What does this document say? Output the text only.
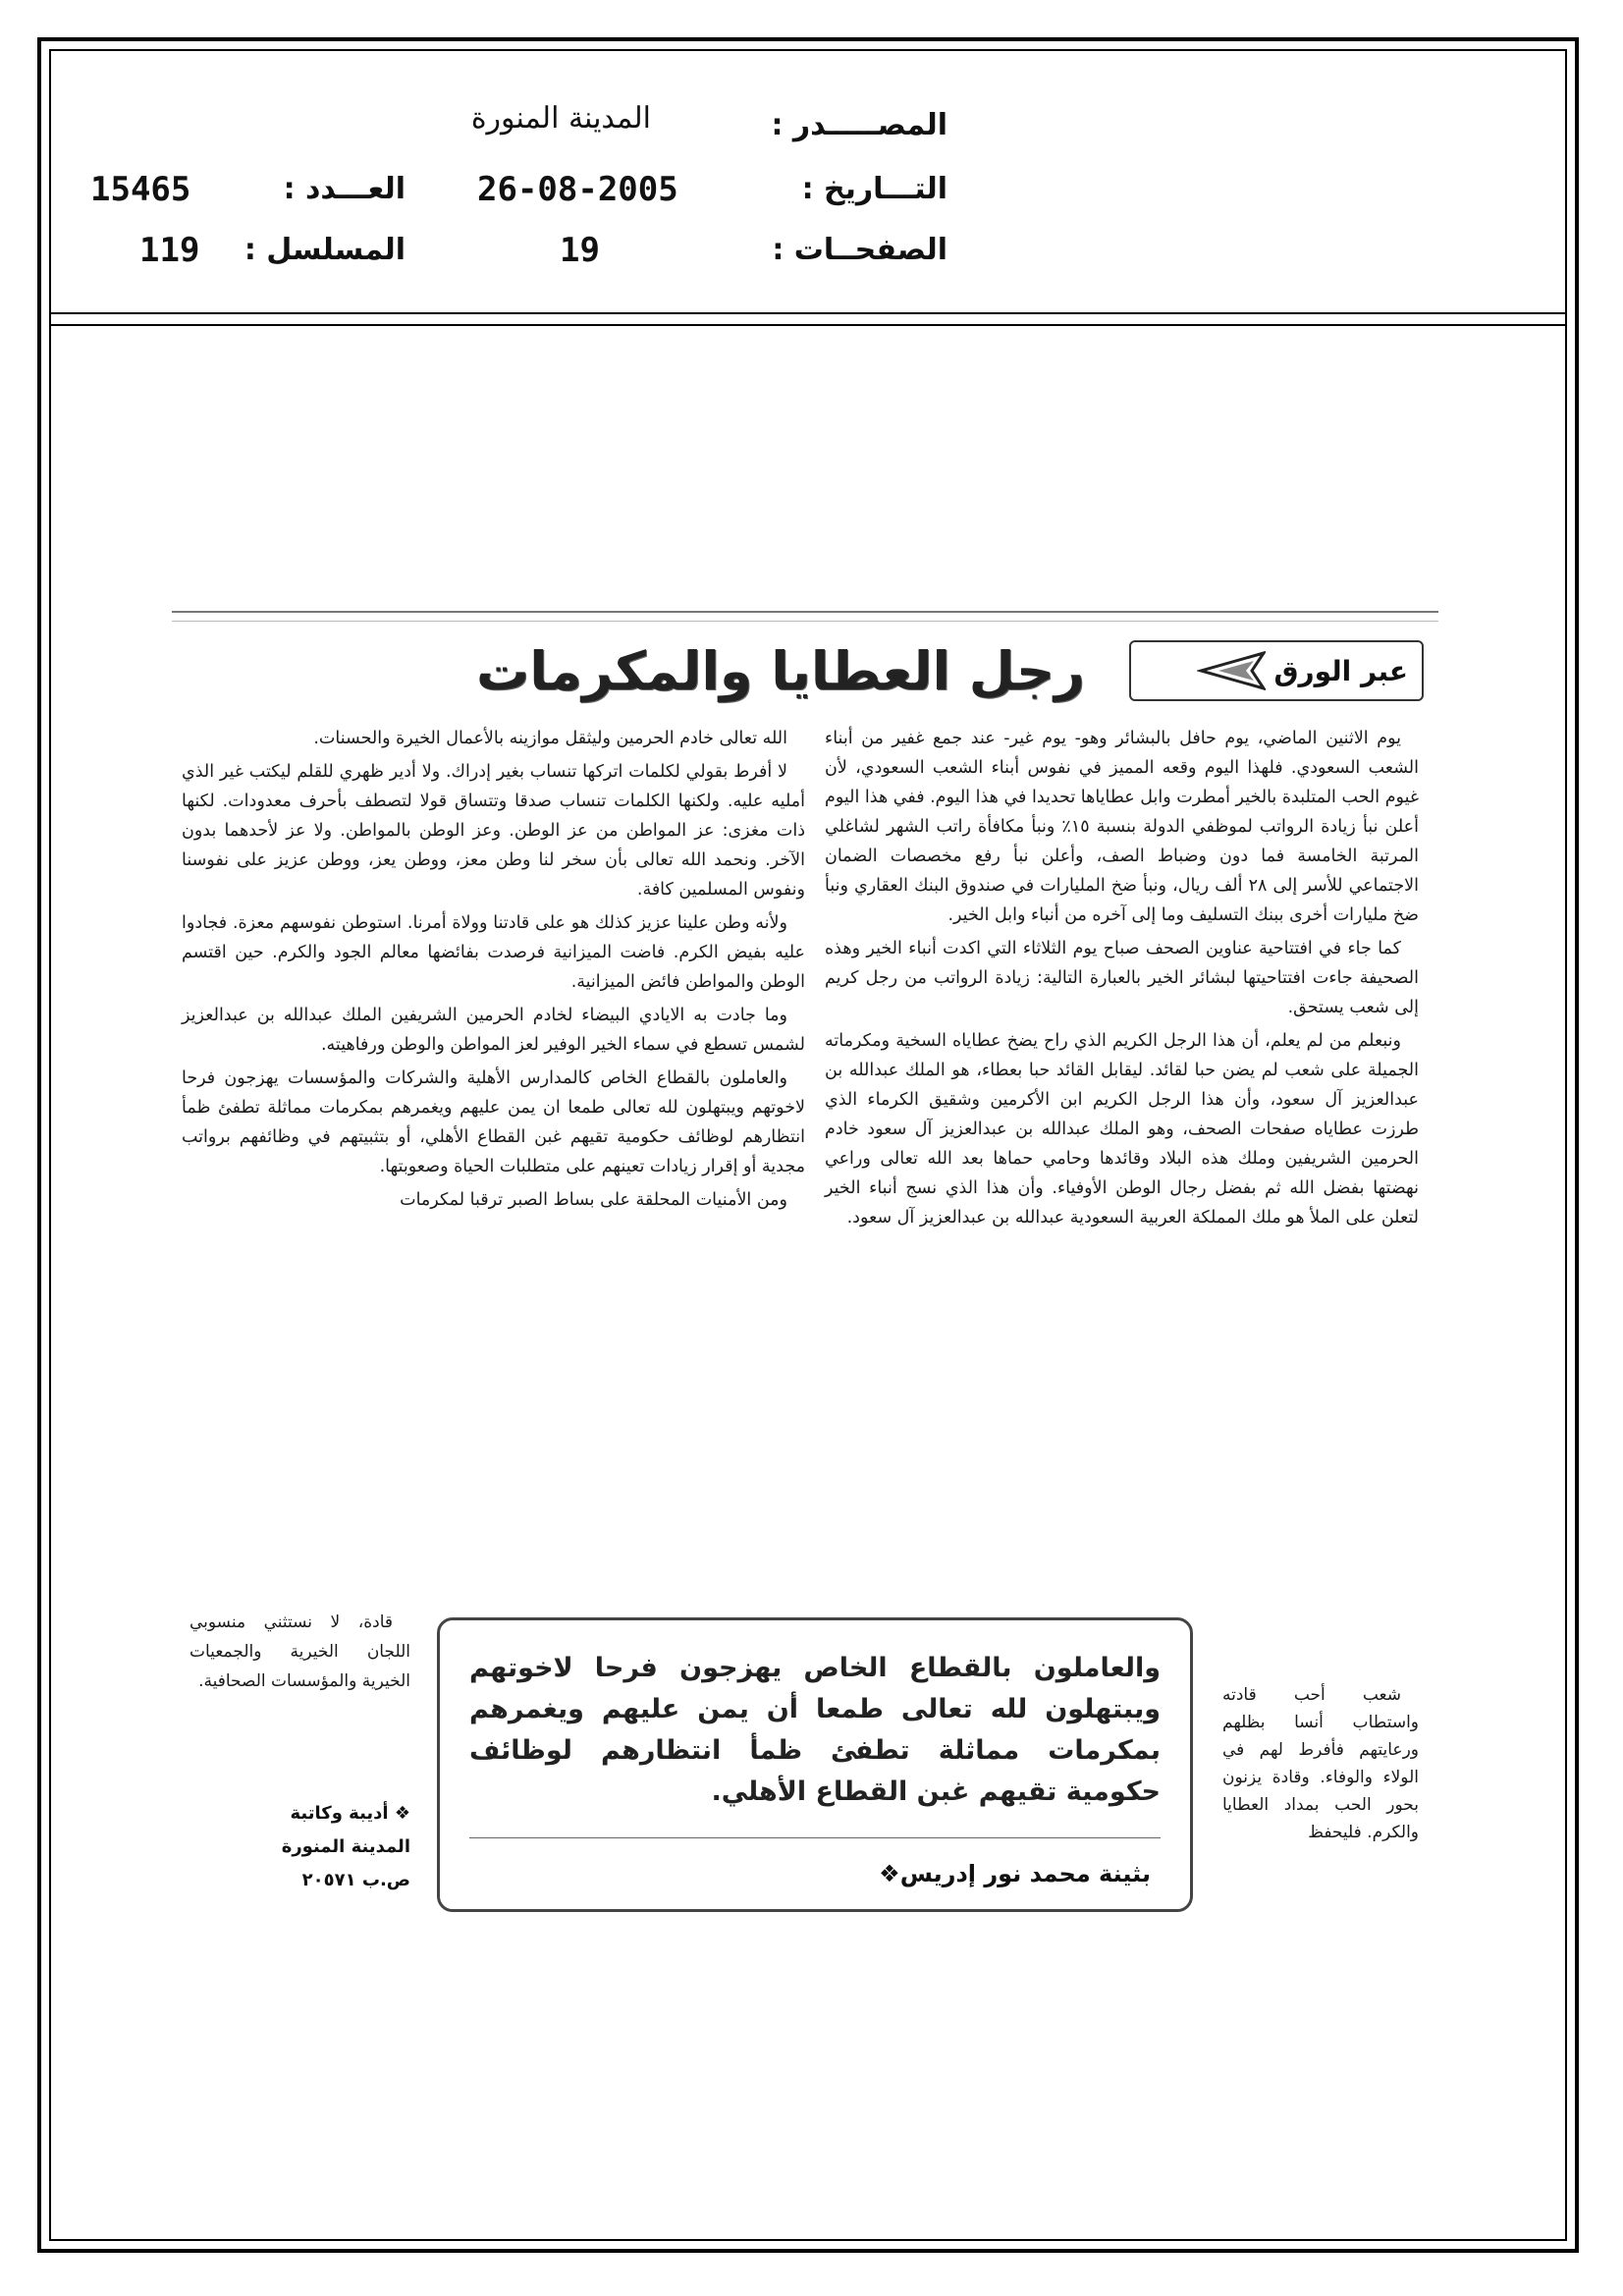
المصـــــدر :
المدينة المنورة
التـــاريخ :
26-08-2005
العـــدد :
15465
الصفحــات :
19
المسلسل :
119
عبر الورق
رجل العطايا والمكرمات

يوم الاثنين الماضي، يوم حافل بالبشائر وهو- يوم غير- عند جمع غفير من أبناء الشعب السعودي. فلهذا اليوم وقعه المميز في نفوس أبناء الشعب السعودي، لأن غيوم الحب المتلبدة بالخير أمطرت وابل عطاياها تحديدا في هذا اليوم. ففي هذا اليوم أعلن نبأ زيادة الرواتب لموظفي الدولة بنسبة ١٥٪ ونبأ مكافأة راتب الشهر لشاغلي المرتبة الخامسة فما دون وضباط الصف، وأعلن نبأ رفع مخصصات الضمان الاجتماعي للأسر إلى ٢٨ ألف ريال، ونبأ ضخ المليارات في صندوق البنك العقاري ونبأ ضخ مليارات أخرى ببنك التسليف وما إلى آخره من أنباء وابل الخير.

كما جاء في افتتاحية عناوين الصحف صباح يوم الثلاثاء التي اكدت أنباء الخير وهذه الصحيفة جاءت افتتاحيتها لبشائر الخير بالعبارة التالية: زيادة الرواتب من رجل كريم إلى شعب يستحق.

ونبعلم من لم يعلم، أن هذا الرجل الكريم الذي راح يضخ عطاياه السخية ومكرماته الجميلة على شعب لم يضن حبا لقائد. ليقابل القائد حبا بعطاء، هو الملك عبدالله بن عبدالعزيز آل سعود، وأن هذا الرجل الكريم ابن الأكرمين وشقيق الكرماء الذي طرزت عطاياه صفحات الصحف، وهو الملك عبدالله بن عبدالعزيز آل سعود خادم الحرمين الشريفين وملك هذه البلاد وقائدها وحامي حماها بعد الله تعالى وراعي نهضتها بفضل الله ثم بفضل رجال الوطن الأوفياء. وأن هذا الذي نسج أنباء الخير لتعلن على الملأ هو ملك المملكة العربية السعودية عبدالله بن عبدالعزيز آل سعود.

شعب أحب قادته واستطاب أنسا بظلهم ورعايتهم فأفرط لهم في الولاء والوفاء. وقادة يزنون بحور الحب بمداد العطايا والكرم. فليحفظ

الله تعالى خادم الحرمين وليثقل موازينه بالأعمال الخيرة والحسنات.

لا أفرط بقولي لكلمات اتركها تنساب بغير إدراك. ولا أدير ظهري للقلم ليكتب غير الذي أمليه عليه. ولكنها الكلمات تنساب صدقا وتتساق قولا لتصطف بأحرف معدودات. لكنها ذات مغزى: عز المواطن من عز الوطن. وعز الوطن بالمواطن. ولا عز لأحدهما بدون الآخر. ونحمد الله تعالى بأن سخر لنا وطن معز، ووطن يعز، ووطن عزيز على نفوسنا ونفوس المسلمين كافة.

ولأنه وطن علينا عزيز كذلك هو على قادتنا وولاة أمرنا. استوطن نفوسهم معزة. فجادوا عليه بفيض الكرم. فاضت الميزانية فرصدت بفائضها معالم الجود والكرم. حين اقتسم الوطن والمواطن فائض الميزانية.

وما جادت به الايادي البيضاء لخادم الحرمين الشريفين الملك عبدالله بن عبدالعزيز لشمس تسطع في سماء الخير الوفير لعز المواطن والوطن ورفاهيته.

والعاملون بالقطاع الخاص كالمدارس الأهلية والشركات والمؤسسات يهزجون فرحا لاخوتهم ويبتهلون لله تعالى طمعا ان يمن عليهم ويغمرهم بمكرمات مماثلة تطفئ ظمأ انتظارهم لوظائف حكومية تقيهم غبن القطاع الأهلي، أو بتثبيتهم في وظائفهم برواتب مجدية أو إقرار زيادات تعينهم على متطلبات الحياة وصعوبتها.

ومن الأمنيات المحلقة على بساط الصبر ترقبا لمكرمات

قادة، لا نستثني منسوبي اللجان الخيرية والجمعيات الخيرية والمؤسسات الصحافية.

❖ أديبة وكاتبة
المدينة المنورة
ص.ب ٢٠٥٧١
والعاملون بالقطاع الخاص يهزجون فرحا لاخوتهم ويبتهلون لله تعالى طمعا أن يمن عليهم ويغمرهم بمكرمات مماثلة تطفئ ظمأ انتظارهم لوظائف حكومية تقيهم غبن القطاع الأهلي.
بثينة محمد نور إدريس❖
